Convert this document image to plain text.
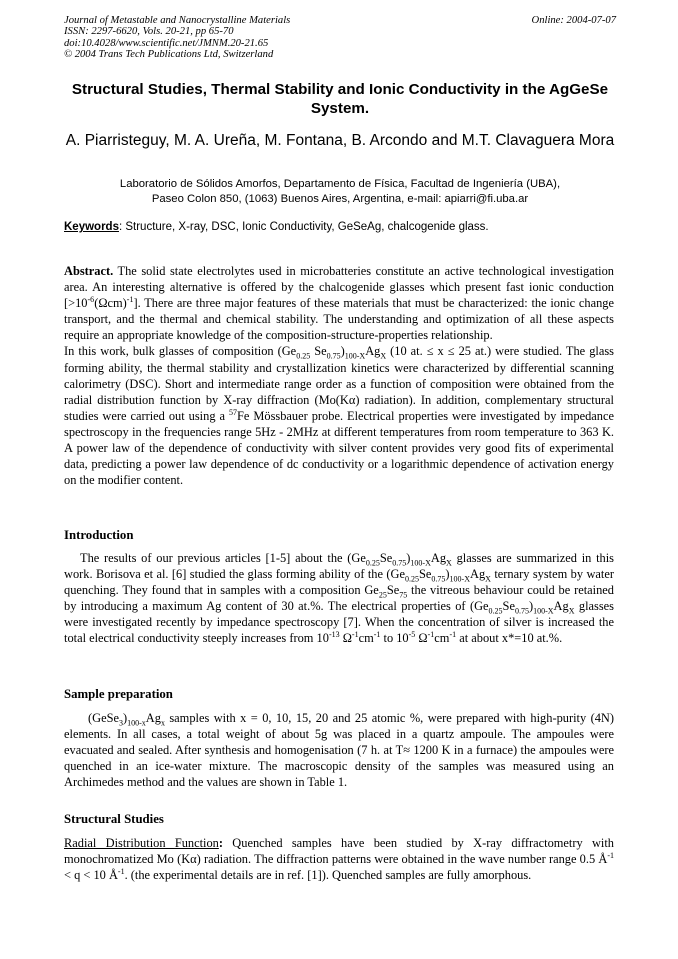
Journal of Metastable and Nanocrystalline Materials
ISSN: 2297-6620, Vols. 20-21, pp 65-70
doi:10.4028/www.scientific.net/JMNM.20-21.65
© 2004 Trans Tech Publications Ltd, Switzerland
Online: 2004-07-07
Structural Studies, Thermal Stability and Ionic Conductivity in the AgGeSe System.
A. Piarristeguy, M. A. Ureña, M. Fontana, B. Arcondo and M.T. Clavaguera Mora
Laboratorio de Sólidos Amorfos, Departamento de Física, Facultad de Ingeniería (UBA),
Paseo Colon 850, (1063) Buenos Aires, Argentina, e-mail: apiarri@fi.uba.ar
Keywords: Structure, X-ray, DSC, Ionic Conductivity, GeSeAg, chalcogenide glass.

Abstract. The solid state electrolytes used in microbatteries constitute an active technological investigation area. An interesting alternative is offered by the chalcogenide glasses which present fast ionic conduction $[>10^{-6}(\Omega cm)^{-1}]$. There are three major features of these materials that must be characterized: the ionic change transport, and the thermal and chemical stability. The understanding and optimization of all these aspects require an appropriate knowledge of the composition-structure-properties relationship.

In this work, bulk glasses of composition ($Ge_{0.25}$ $Se_{0.75})_{100-X}Ag_X$ (10 at. ≤ x ≤ 25 at.) were studied. The glass forming ability, the thermal stability and crystallization kinetics were characterized by differential scanning calorimetry (DSC). Short and intermediate range order as a function of composition were obtained from the radial distribution function by X-ray diffraction (Mo(Kα) radiation). In addition, complementary structural studies were carried out using a $^{57}$Fe Mössbauer probe. Electrical properties were investigated by impedance spectroscopy in the frequencies range 5Hz - 2MHz at different temperatures from room temperature to 363 K. A power law of the dependence of conductivity with silver content provides very good fits of experimental data, predicting a power law dependence of dc conductivity or a logarithmic dependence of activation energy on the modifier content.

Introduction

The results of our previous articles [1-5] about the $(Ge_{0.25}Se_{0.75})_{100-X}Ag_X$ glasses are summarized in this work. Borisova et al. [6] studied the glass forming ability of the $(Ge_{0.25}Se_{0.75})_{100-X}Ag_X$ ternary system by water quenching. They found that in samples with a composition $Ge_{25}Se_{75}$ the vitreous behaviour could be retained by introducing a maximum Ag content of 30 at.%. The electrical properties of $(Ge_{0.25}Se_{0.75})_{100-X}Ag_X$ glasses were investigated recently by impedance spectroscopy [7]. When the concentration of silver is increased the total electrical conductivity steeply increases from $10^{-13}$ $\Omega^{-1}cm^{-1}$ to $10^{-5}$ $\Omega^{-1}cm^{-1}$ at about x*=10 at.%.

Sample preparation

$(GeSe_3)_{100-x}Ag_x$ samples with x = 0, 10, 15, 20 and 25 atomic %, were prepared with high-purity (4N) elements. In all cases, a total weight of about 5g was placed in a quartz ampoule. The ampoules were evacuated and sealed. After synthesis and homogenisation (7 h. at T≈ 1200 K in a furnace) the ampoules were quenched in an ice-water mixture. The macroscopic density of the samples was measured using an Archimedes method and the values are shown in Table 1.

Structural Studies

Radial Distribution Function: Quenched samples have been studied by X-ray diffractometry with monochromatized Mo (Kα) radiation. The diffraction patterns were obtained in the wave number range 0.5 $Å^{-1} < q < 10$ $Å^{-1}$. (the experimental details are in ref. [1]). Quenched samples are fully amorphous.
